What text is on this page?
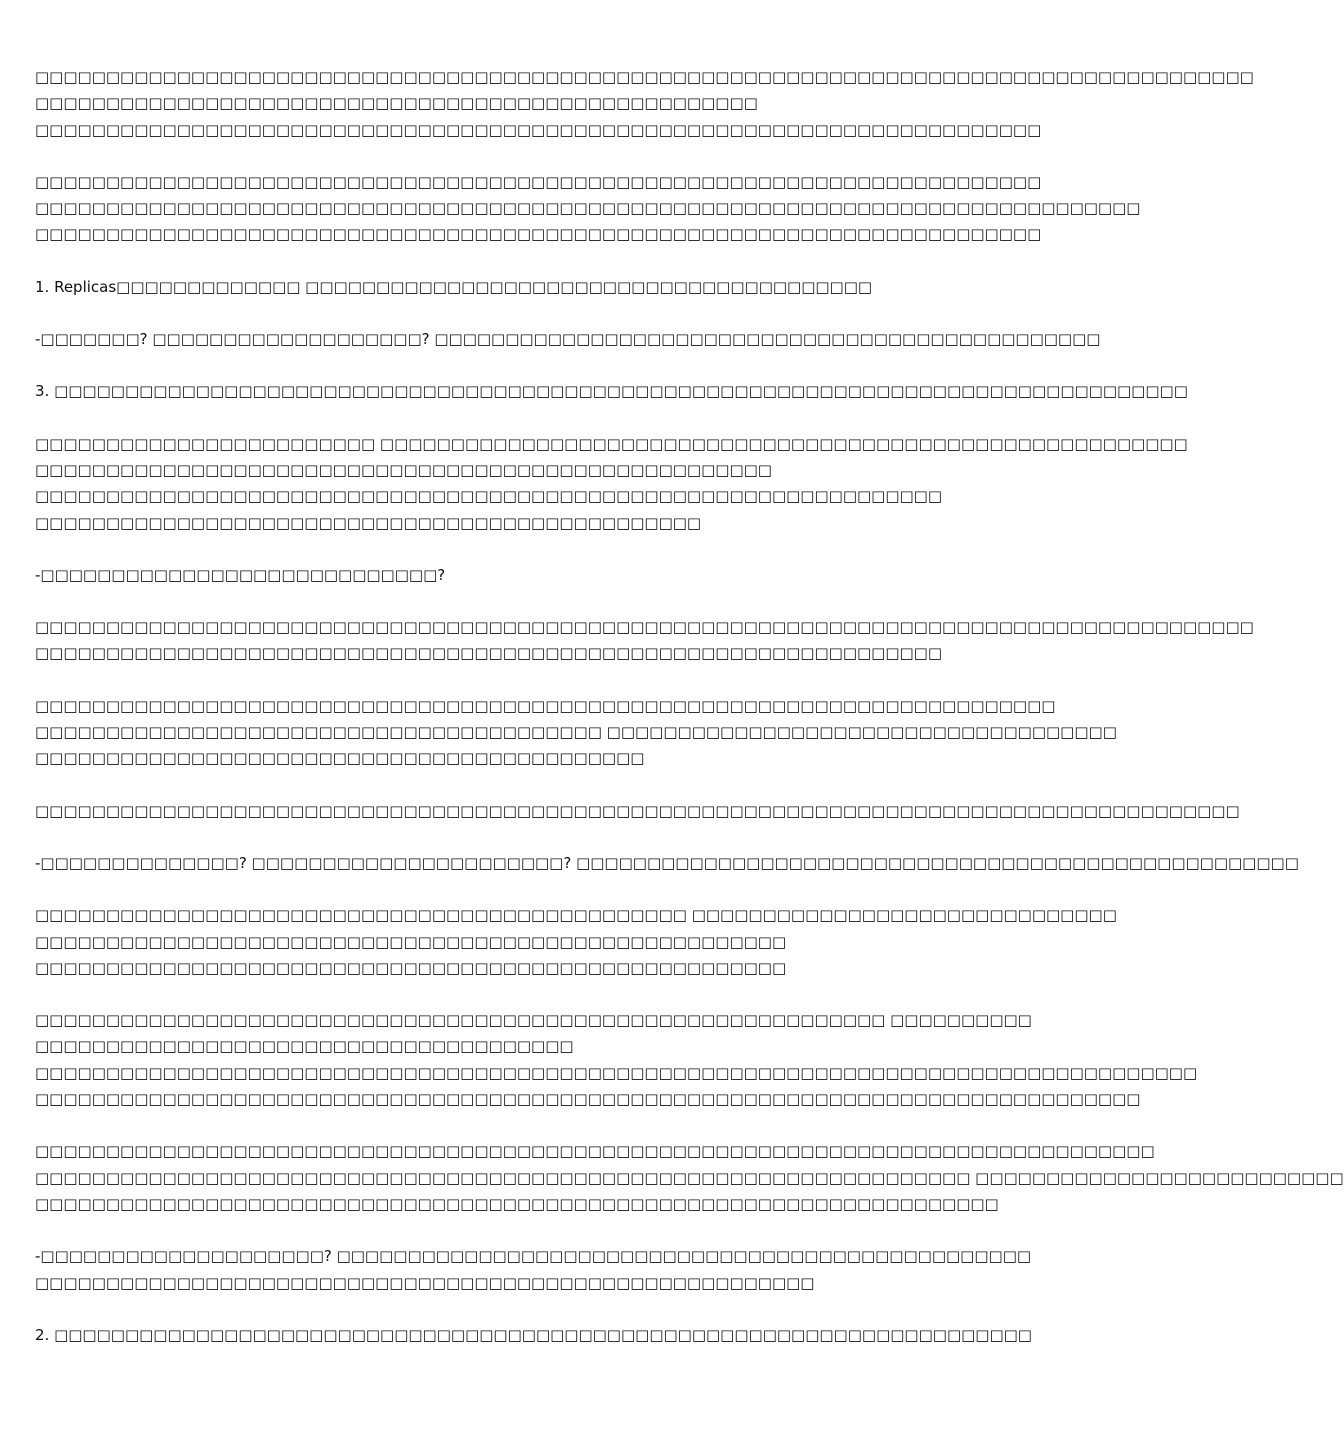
□□□□□□□□□□□□□□□□□□□□□□□□□□□□□□□□□□□□□□□□□□□□□□□□□□□□□□□□□□□□□□□□□□□□□□□□□□□□□□□□□□□□□□
□□□□□□□□□□□□□□□□□□□□□□□□□□□□□□□□□□□□□□□□□□□□□□□□□□□
□□□□□□□□□□□□□□□□□□□□□□□□□□□□□□□□□□□□□□□□□□□□□□□□□□□□□□□□□□□□□□□□□□□□□□□
□□□□□□□□□□□□□□□□□□□□□□□□□□□□□□□□□□□□□□□□□□□□□□□□□□□□□□□□□□□□□□□□□□□□□□□
□□□□□□□□□□□□□□□□□□□□□□□□□□□□□□□□□□□□□□□□□□□□□□□□□□□□□□□□□□□□□□□□□□□□□□□□□□□□□□
□□□□□□□□□□□□□□□□□□□□□□□□□□□□□□□□□□□□□□□□□□□□□□□□□□□□□□□□□□□□□□□□□□□□□□□
1. Replicas□□□□□□□□□□□□□ □□□□□□□□□□□□□□□□□□□□□□□□□□□□□□□□□□□□□□□□
-□□□□□□□? □□□□□□□□□□□□□□□□□□□? □□□□□□□□□□□□□□□□□□□□□□□□□□□□□□□□□□□□□□□□□□□□□□□
3. □□□□□□□□□□□□□□□□□□□□□□□□□□□□□□□□□□□□□□□□□□□□□□□□□□□□□□□□□□□□□□□□□□□□□□□□□□□□□□□□
□□□□□□□□□□□□□□□□□□□□□□□□ □□□□□□□□□□□□□□□□□□□□□□□□□□□□□□□□□□□□□□□□□□□□□□□□□□□□□□□□□
□□□□□□□□□□□□□□□□□□□□□□□□□□□□□□□□□□□□□□□□□□□□□□□□□□□□
□□□□□□□□□□□□□□□□□□□□□□□□□□□□□□□□□□□□□□□□□□□□□□□□□□□□□□□□□□□□□□□□
□□□□□□□□□□□□□□□□□□□□□□□□□□□□□□□□□□□□□□□□□□□□□□□
-□□□□□□□□□□□□□□□□□□□□□□□□□□□□?
□□□□□□□□□□□□□□□□□□□□□□□□□□□□□□□□□□□□□□□□□□□□□□□□□□□□□□□□□□□□□□□□□□□□□□□□□□□□□□□□□□□□□□
□□□□□□□□□□□□□□□□□□□□□□□□□□□□□□□□□□□□□□□□□□□□□□□□□□□□□□□□□□□□□□□□
□□□□□□□□□□□□□□□□□□□□□□□□□□□□□□□□□□□□□□□□□□□□□□□□□□□□□□□□□□□□□□□□□□□□□□□□
□□□□□□□□□□□□□□□□□□□□□□□□□□□□□□□□□□□□□□□□ □□□□□□□□□□□□□□□□□□□□□□□□□□□□□□□□□□□□
□□□□□□□□□□□□□□□□□□□□□□□□□□□□□□□□□□□□□□□□□□□
□□□□□□□□□□□□□□□□□□□□□□□□□□□□□□□□□□□□□□□□□□□□□□□□□□□□□□□□□□□□□□□□□□□□□□□□□□□□□□□□□□□□□
-□□□□□□□□□□□□□□? □□□□□□□□□□□□□□□□□□□□□□? □□□□□□□□□□□□□□□□□□□□□□□□□□□□□□□□□□□□□□□□□□□□□□□□□□□
□□□□□□□□□□□□□□□□□□□□□□□□□□□□□□□□□□□□□□□□□□□□□□ □□□□□□□□□□□□□□□□□□□□□□□□□□□□□□
□□□□□□□□□□□□□□□□□□□□□□□□□□□□□□□□□□□□□□□□□□□□□□□□□□□□□
□□□□□□□□□□□□□□□□□□□□□□□□□□□□□□□□□□□□□□□□□□□□□□□□□□□□□
□□□□□□□□□□□□□□□□□□□□□□□□□□□□□□□□□□□□□□□□□□□□□□□□□□□□□□□□□□□□ □□□□□□□□□□
□□□□□□□□□□□□□□□□□□□□□□□□□□□□□□□□□□□□□□
□□□□□□□□□□□□□□□□□□□□□□□□□□□□□□□□□□□□□□□□□□□□□□□□□□□□□□□□□□□□□□□□□□□□□□□□□□□□□□□□□□
□□□□□□□□□□□□□□□□□□□□□□□□□□□□□□□□□□□□□□□□□□□□□□□□□□□□□□□□□□□□□□□□□□□□□□□□□□□□□□
□□□□□□□□□□□□□□□□□□□□□□□□□□□□□□□□□□□□□□□□□□□□□□□□□□□□□□□□□□□□□□□□□□□□□□□□□□□□□□□
□□□□□□□□□□□□□□□□□□□□□□□□□□□□□□□□□□□□□□□□□□□□□□□□□□□□□□□□□□□□□□□□□□ □□□□□□□□□□□□□□□□□□□□□□□□□□
□□□□□□□□□□□□□□□□□□□□□□□□□□□□□□□□□□□□□□□□□□□□□□□□□□□□□□□□□□□□□□□□□□□□
-□□□□□□□□□□□□□□□□□□□□? □□□□□□□□□□□□□□□□□□□□□□□□□□□□□□□□□□□□□□□□□□□□□□□□□
□□□□□□□□□□□□□□□□□□□□□□□□□□□□□□□□□□□□□□□□□□□□□□□□□□□□□□□
2. □□□□□□□□□□□□□□□□□□□□□□□□□□□□□□□□□□□□□□□□□□□□□□□□□□□□□□□□□□□□□□□□□□□□□
